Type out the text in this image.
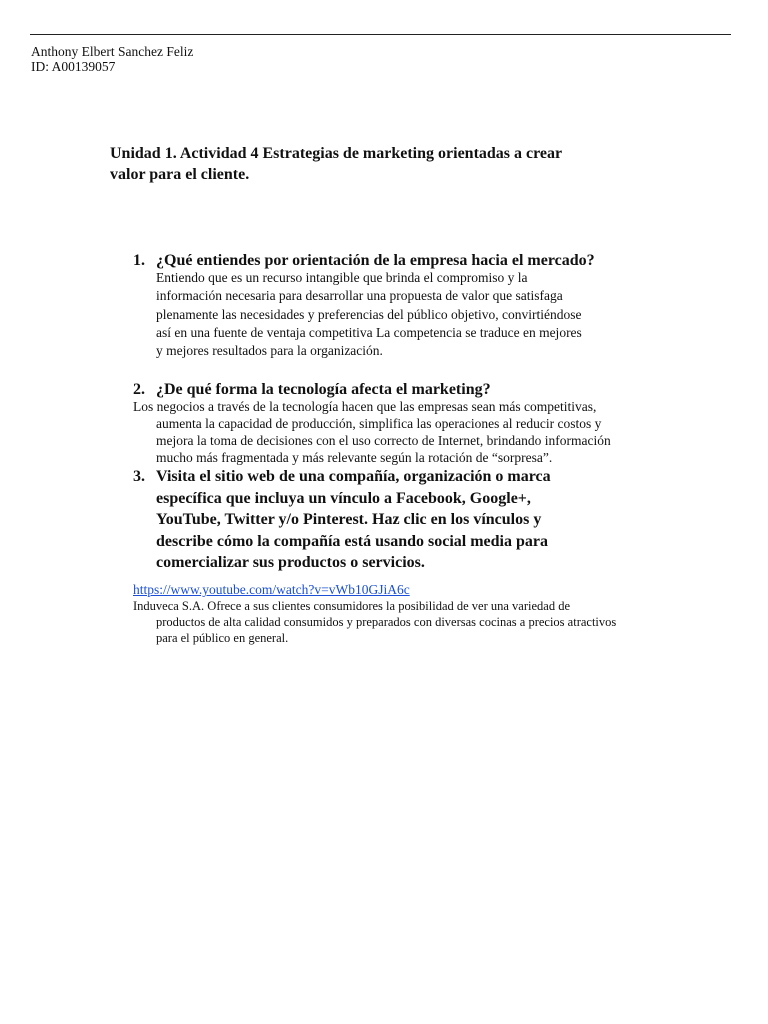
Anthony Elbert Sanchez Feliz
ID: A00139057
Unidad 1. Actividad 4 Estrategias de marketing orientadas a crear
valor para el cliente.
1. ¿Qué entiendes por orientación de la empresa hacia el mercado?
Entiendo que es un recurso intangible que brinda el compromiso y la
información necesaria para desarrollar una propuesta de valor que satisfaga
plenamente las necesidades y preferencias del público objetivo, convirtiéndose
así en una fuente de ventaja competitiva La competencia se traduce en mejores
y mejores resultados para la organización.
2. ¿De qué forma la tecnología afecta el marketing?
Los negocios a través de la tecnología hacen que las empresas sean más competitivas,
aumenta la capacidad de producción, simplifica las operaciones al reducir costos y
mejora la toma de decisiones con el uso correcto de Internet, brindando información
mucho más fragmentada y más relevante según la rotación de “sorpresa”.
3. Visita el sitio web de una compañía, organización o marca
específica que incluya un vínculo a Facebook, Google+,
YouTube, Twitter y/o Pinterest. Haz clic en los vínculos y
describe cómo la compañía está usando social media para
comercializar sus productos o servicios.
https://www.youtube.com/watch?v=vWb10GJiA6c
Induveca S.A. Ofrece a sus clientes consumidores la posibilidad de ver una variedad de
productos de alta calidad consumidos y preparados con diversas cocinas a precios atractivos
para el público en general.
